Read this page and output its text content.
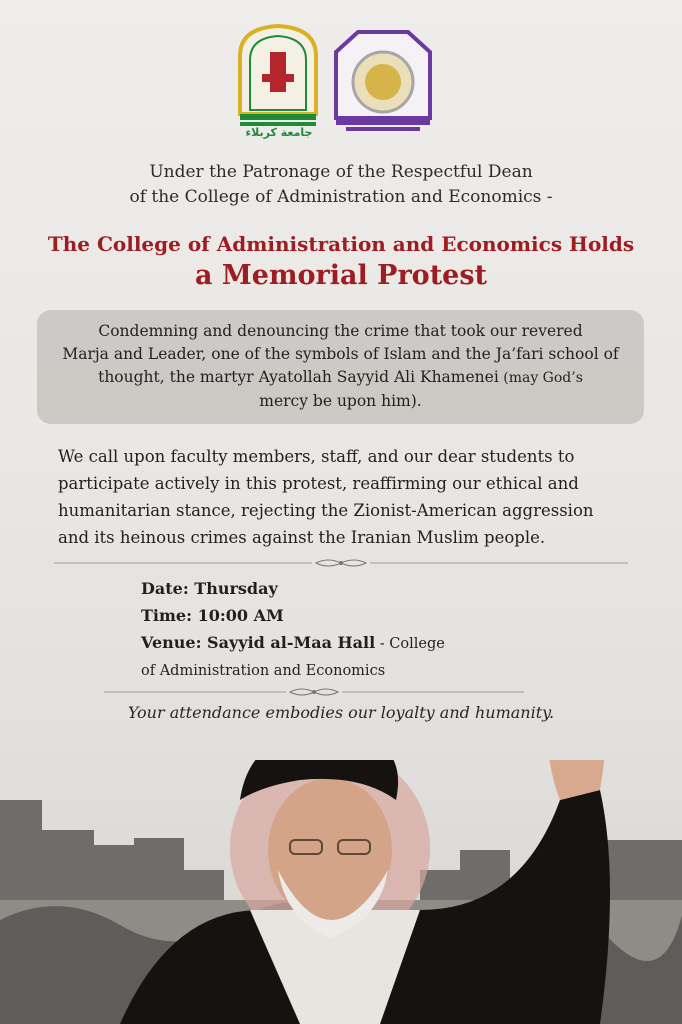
جامعة كربلاء
Under the Patronage of the Respectful Dean
of the College of Administration and Economics -
The College of Administration and Economics Holds
a Memorial Protest
Condemning and denouncing the crime that took our revered
Marja and Leader, one of the symbols of Islam and the Ja’fari school of
thought, the martyr Ayatollah Sayyid Ali Khamenei (may God’s
mercy be upon him).
We call upon faculty members, staff, and our dear students to
participate actively in this protest, reaffirming our ethical and
humanitarian stance, rejecting the Zionist-American aggression
and its heinous crimes against the Iranian Muslim people.
Date: Thursday
Time: 10:00 AM
Venue: Sayyid al-Maa Hall - College
of Administration and Economics
Your attendance embodies our loyalty and humanity.
